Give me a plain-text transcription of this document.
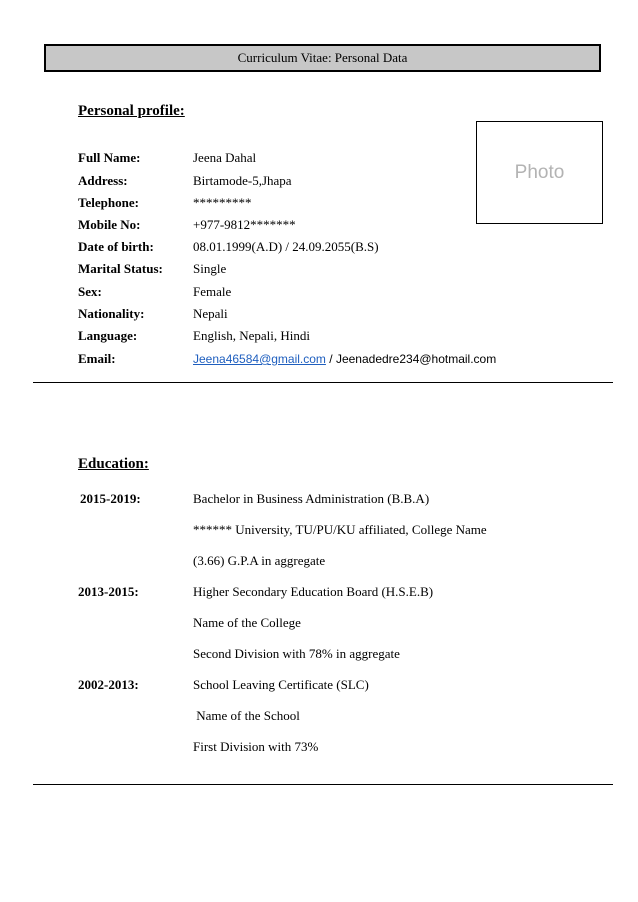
Curriculum Vitae: Personal Data
Personal profile:
Photo
Full Name:	Jeena Dahal
Address:	Birtamode-5,Jhapa
Telephone:	*********
Mobile No:	+977-9812*******
Date of birth:	08.01.1999(A.D) / 24.09.2055(B.S)
Marital Status: Single
Sex:	Female
Nationality:	Nepali
Language:	English, Nepali, Hindi
Email:	Jeena46584@gmail.com / Jeenadedre234@hotmail.com
Education:
2015-2019:	Bachelor in Business Administration (B.B.A)
****** University, TU/PU/KU affiliated, College Name
(3.66) G.P.A in aggregate
2013-2015:	Higher Secondary Education Board (H.S.E.B)
Name of the College
Second Division with 78% in aggregate
2002-2013:	School Leaving Certificate (SLC)
Name of the School
First Division with 73%
